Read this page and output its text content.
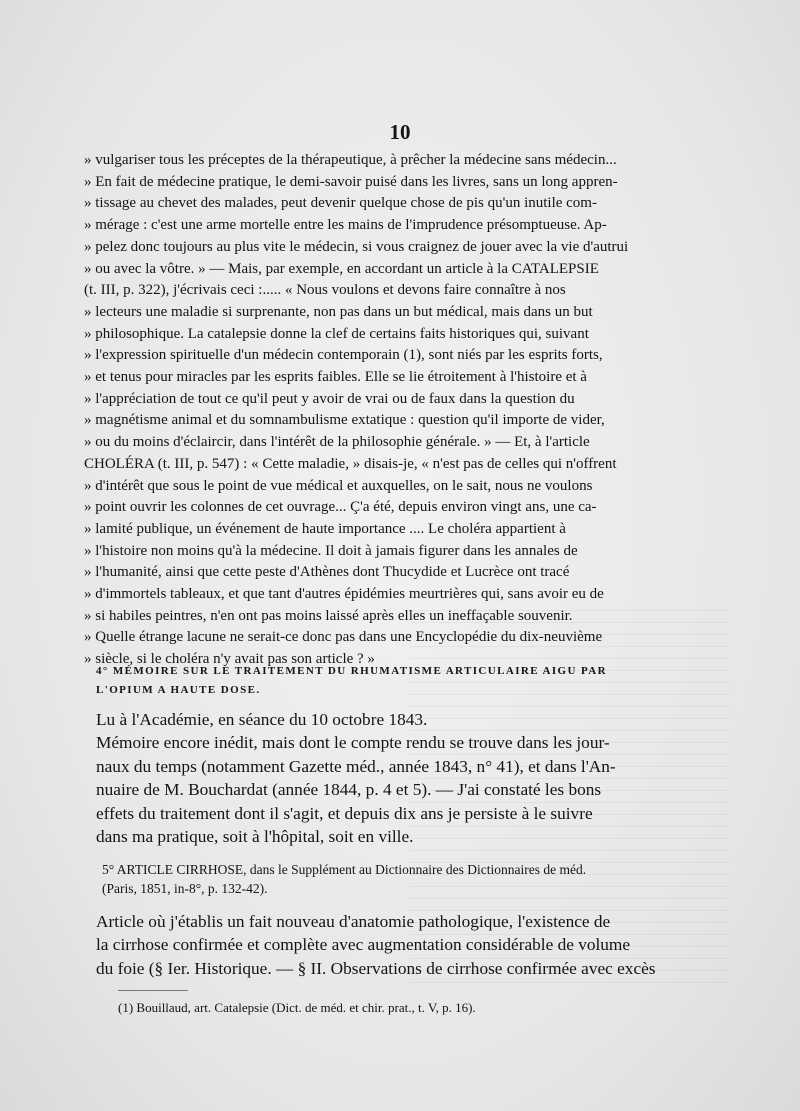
10
» vulgariser tous les préceptes de la thérapeutique, à prêcher la médecine sans médecin...
» En fait de médecine pratique, le demi-savoir puisé dans les livres, sans un long appren-
» tissage au chevet des malades, peut devenir quelque chose de pis qu'un inutile com-
» mérage : c'est une arme mortelle entre les mains de l'imprudence présomptueuse. Ap-
» pelez donc toujours au plus vite le médecin, si vous craignez de jouer avec la vie d'autrui
» ou avec la vôtre. » — Mais, par exemple, en accordant un article à la CATALEPSIE
(t. III, p. 322), j'écrivais ceci :..... « Nous voulons et devons faire connaître à nos
» lecteurs une maladie si surprenante, non pas dans un but médical, mais dans un but
» philosophique. La catalepsie donne la clef de certains faits historiques qui, suivant
» l'expression spirituelle d'un médecin contemporain (1), sont niés par les esprits forts,
» et tenus pour miracles par les esprits faibles. Elle se lie étroitement à l'histoire et à
» l'appréciation de tout ce qu'il peut y avoir de vrai ou de faux dans la question du
» magnétisme animal et du somnambulisme extatique : question qu'il importe de vider,
» ou du moins d'éclaircir, dans l'intérêt de la philosophie générale. » — Et, à l'article
CHOLÉRA (t. III, p. 547) : « Cette maladie, » disais-je, « n'est pas de celles qui n'offrent
» d'intérêt que sous le point de vue médical et auxquelles, on le sait, nous ne voulons
» point ouvrir les colonnes de cet ouvrage... Ç'a été, depuis environ vingt ans, une ca-
» lamité publique, un événement de haute importance .... Le choléra appartient à
» l'histoire non moins qu'à la médecine. Il doit à jamais figurer dans les annales de
» l'humanité, ainsi que cette peste d'Athènes dont Thucydide et Lucrèce ont tracé
» d'immortels tableaux, et que tant d'autres épidémies meurtrières qui, sans avoir eu de
» si habiles peintres, n'en ont pas moins laissé après elles un ineffaçable souvenir.
» Quelle étrange lacune ne serait-ce donc pas dans une Encyclopédie du dix-neuvième
» siècle, si le choléra n'y avait pas son article ? »
4° MÉMOIRE SUR LE TRAITEMENT DU RHUMATISME ARTICULAIRE AIGU PAR
L'OPIUM A HAUTE DOSE.
Lu à l'Académie, en séance du 10 octobre 1843.
Mémoire encore inédit, mais dont le compte rendu se trouve dans les jour-
naux du temps (notamment Gazette méd., année 1843, n° 41), et dans l'An-
nuaire de M. Bouchardat (année 1844, p. 4 et 5). — J'ai constaté les bons
effets du traitement dont il s'agit, et depuis dix ans je persiste à le suivre
dans ma pratique, soit à l'hôpital, soit en ville.
5° ARTICLE CIRRHOSE, dans le Supplément au Dictionnaire des Dictionnaires de méd.
(Paris, 1851, in-8°, p. 132-42).
Article où j'établis un fait nouveau d'anatomie pathologique, l'existence de
la cirrhose confirmée et complète avec augmentation considérable de volume
du foie (§ Ier. Historique. — § II. Observations de cirrhose confirmée avec excès
(1) Bouillaud, art. Catalepsie (Dict. de méd. et chir. prat., t. V, p. 16).
